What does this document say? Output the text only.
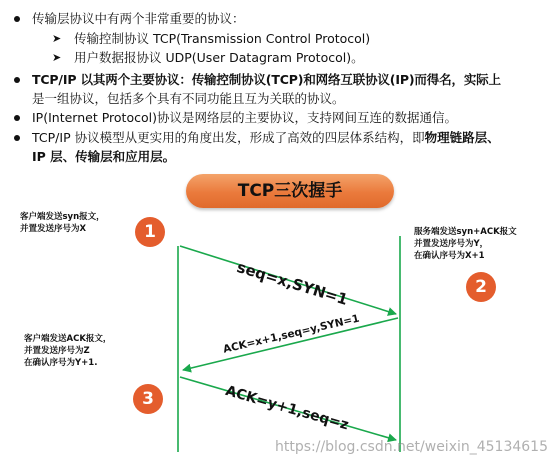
传输层协议中有两个非常重要的协议：
➤ 传输控制协议 TCP(Transmission Control Protocol)
➤ 用户数据报协议 UDP(User Datagram Protocol)。
TCP/IP 以其两个主要协议：传输控制协议(TCP)和网络互联协议(IP)而得名，实际上
是一组协议，包括多个具有不同功能且互为关联的协议。
IP(Internet Protocol)协议是网络层的主要协议，支持网间互连的数据通信。
TCP/IP 协议模型从更实用的角度出发，形成了高效的四层体系结构，即物理链路层、
IP 层、传输层和应用层。
TCP三次握手
1
2
3
客户端发送syn报文，
并置发送序号为X	服务端发送syn+ACK报文
并置发送序号为Y，
在确认序号为X+1
客户端发送ACK报文，
并置发送序号为Z
在确认序号为Y+1.
seq=x,SYN=1
ACK=x+1,seq=y,SYN=1
ACK=y+1,seq=z
https://blog.csdn.net/weixin_45134615
